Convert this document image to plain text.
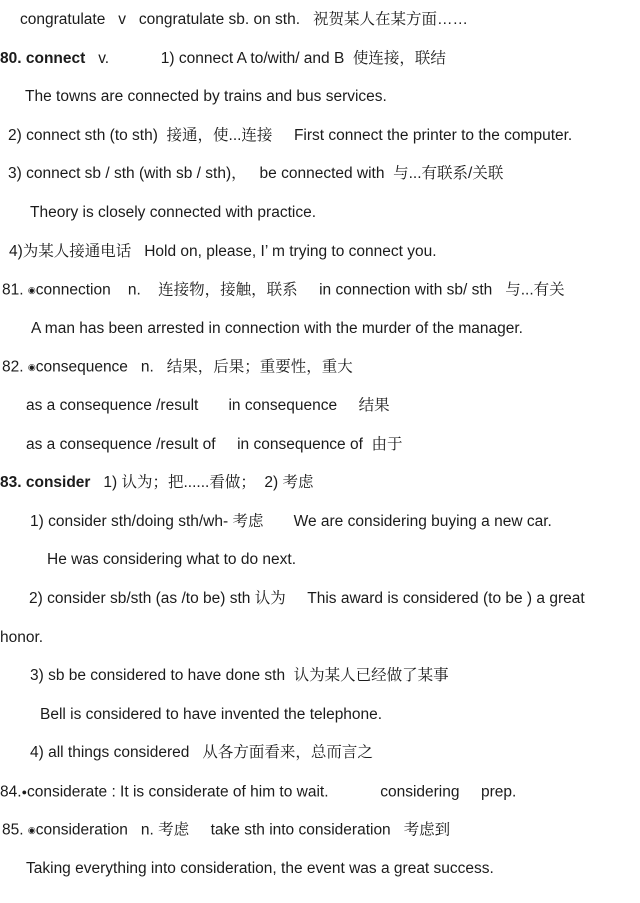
congratulate   v   congratulate sb. on sth.   祝贺某人在某方面……
80. connect   v.            1) connect A to/with/ and B  使连接，联结
The towns are connected by trains and bus services.
2) connect sth (to sth)  接通，使...连接     First connect the printer to the computer.
3) connect sb / sth (with sb / sth)，   be connected with  与...有联系/关联
Theory is closely connected with practice.
4)为某人接通电话   Hold on, please, I’ m trying to connect you.
81. ◉connection    n.    连接物，接触，联系     in connection with sb/ sth   与...有关
A man has been arrested in connection with the murder of the manager.
82. ◉consequence   n.   结果，后果；重要性，重大
as a consequence /result       in consequence     结果
as a consequence /result of     in consequence of  由于
83. consider   1) 认为；把......看做；  2) 考虑
1) consider sth/doing sth/wh- 考虑       We are considering buying a new car.
He was considering what to do next.
2) consider sb/sth (as /to be) sth 认为     This award is considered (to be ) a great
honor.
3) sb be considered to have done sth  认为某人已经做了某事
Bell is considered to have invented the telephone.
4) all things considered   从各方面看来，总而言之
84.●considerate : It is considerate of him to wait.            considering     prep.
85. ◉consideration   n. 考虑     take sth into consideration   考虑到
Taking everything into consideration, the event was a great success.
